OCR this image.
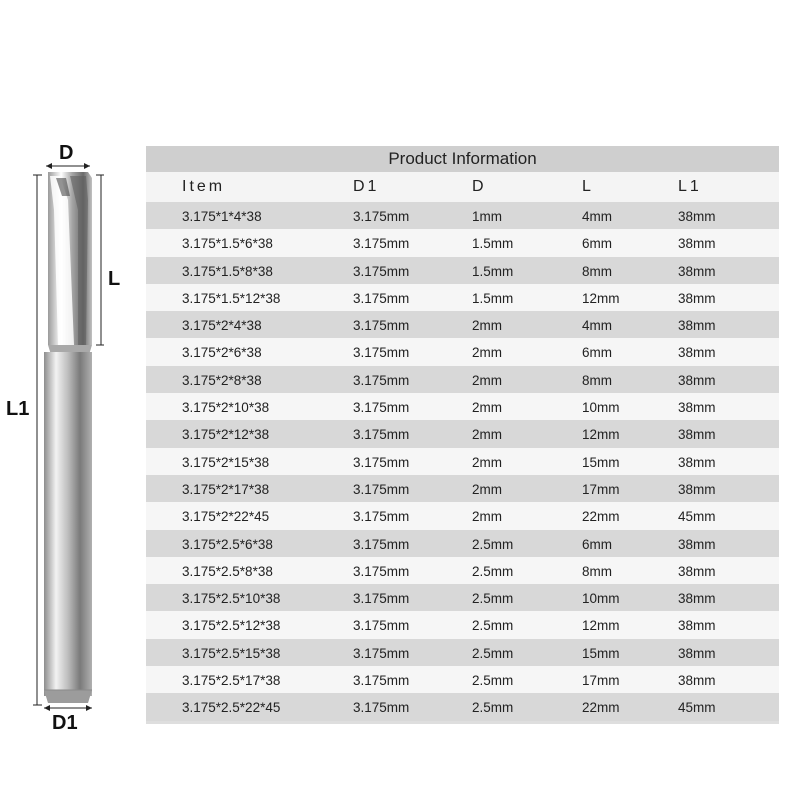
D
L
L1
D1
Product Information
Item	D1	D	L	L1
3.175*1*4*38	3.175mm	1mm	4mm	38mm
3.175*1.5*6*38	3.175mm	1.5mm	6mm	38mm
3.175*1.5*8*38	3.175mm	1.5mm	8mm	38mm
3.175*1.5*12*38	3.175mm	1.5mm	12mm	38mm
3.175*2*4*38	3.175mm	2mm	4mm	38mm
3.175*2*6*38	3.175mm	2mm	6mm	38mm
3.175*2*8*38	3.175mm	2mm	8mm	38mm
3.175*2*10*38	3.175mm	2mm	10mm	38mm
3.175*2*12*38	3.175mm	2mm	12mm	38mm
3.175*2*15*38	3.175mm	2mm	15mm	38mm
3.175*2*17*38	3.175mm	2mm	17mm	38mm
3.175*2*22*45	3.175mm	2mm	22mm	45mm
3.175*2.5*6*38	3.175mm	2.5mm	6mm	38mm
3.175*2.5*8*38	3.175mm	2.5mm	8mm	38mm
3.175*2.5*10*38	3.175mm	2.5mm	10mm	38mm
3.175*2.5*12*38	3.175mm	2.5mm	12mm	38mm
3.175*2.5*15*38	3.175mm	2.5mm	15mm	38mm
3.175*2.5*17*38	3.175mm	2.5mm	17mm	38mm
3.175*2.5*22*45	3.175mm	2.5mm	22mm	45mm
